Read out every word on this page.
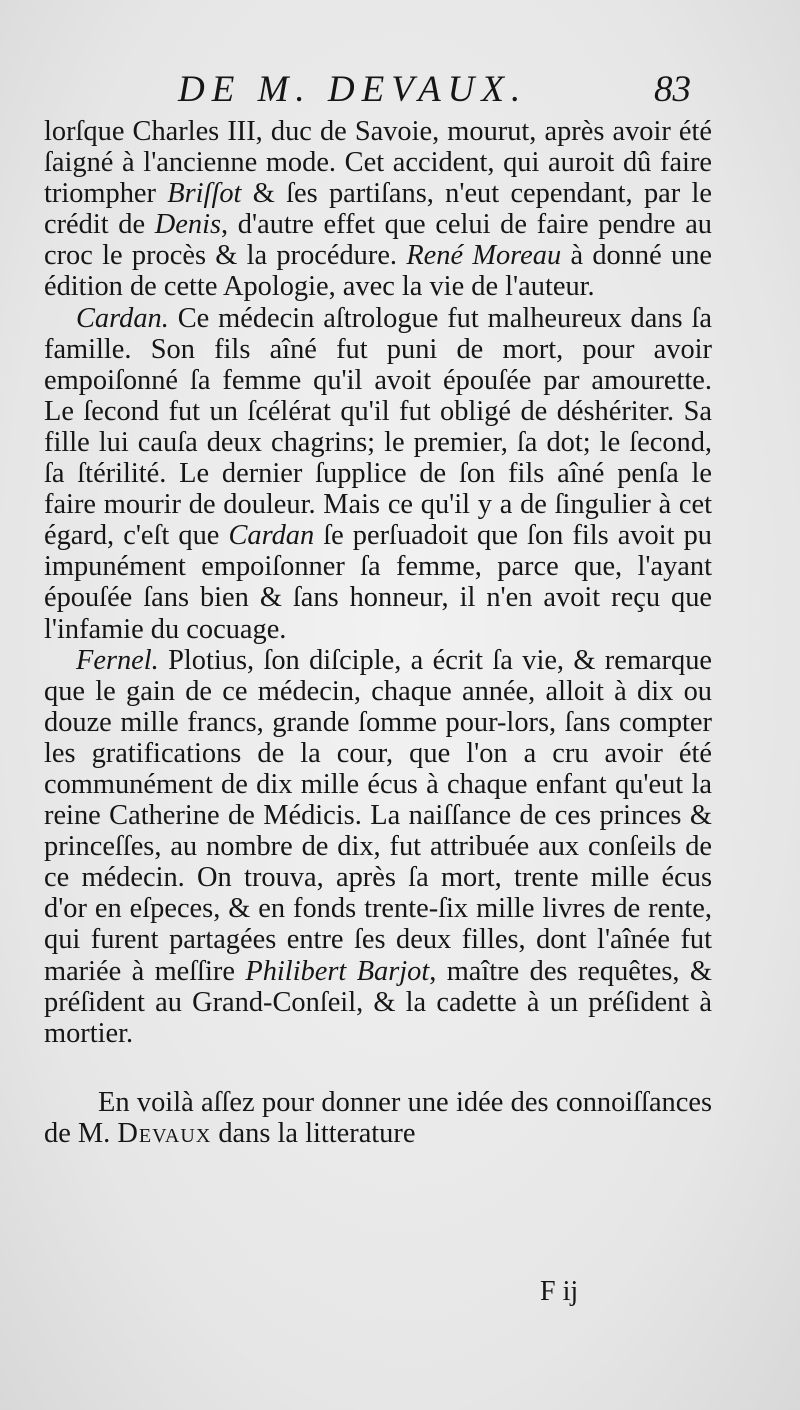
DE M. DEVAUX.	83

lorſque Charles III, duc de Savoie, mourut, après avoir été ſaigné à l'ancienne mode. Cet accident, qui auroit dû faire triompher Briſſot & ſes partiſans, n'eut cependant, par le crédit de Denis, d'autre effet que celui de faire pendre au croc le procès & la procédure. René Moreau à donné une édition de cette Apologie, avec la vie de l'auteur.

Cardan. Ce médecin aſtrologue fut malheureux dans ſa famille. Son fils aîné fut puni de mort, pour avoir empoiſonné ſa femme qu'il avoit épouſée par amourette. Le ſecond fut un ſcélérat qu'il fut obligé de déshériter. Sa fille lui cauſa deux chagrins; le premier, ſa dot; le ſecond, ſa ſtérilité. Le dernier ſupplice de ſon fils aîné penſa le faire mourir de douleur. Mais ce qu'il y a de ſingulier à cet égard, c'eſt que Cardan ſe perſuadoit que ſon fils avoit pu impunément empoiſonner ſa femme, parce que, l'ayant épouſée ſans bien & ſans honneur, il n'en avoit reçu que l'infamie du cocuage.

Fernel. Plotius, ſon diſciple, a écrit ſa vie, & remarque que le gain de ce médecin, chaque année, alloit à dix ou douze mille francs, grande ſomme pour-lors, ſans compter les gratifications de la cour, que l'on a cru avoir été communément de dix mille écus à chaque enfant qu'eut la reine Catherine de Médicis. La naiſſance de ces princes & princeſſes, au nombre de dix, fut attribuée aux conſeils de ce médecin. On trouva, après ſa mort, trente mille écus d'or en eſpeces, & en fonds trente-ſix mille livres de rente, qui furent partagées entre ſes deux filles, dont l'aînée fut mariée à meſſire Philibert Barjot, maître des requêtes, & préſident au Grand-Conſeil, & la cadette à un préſident à mortier.

En voilà aſſez pour donner une idée des connoiſſances de M. Devaux dans la litterature

F ij
